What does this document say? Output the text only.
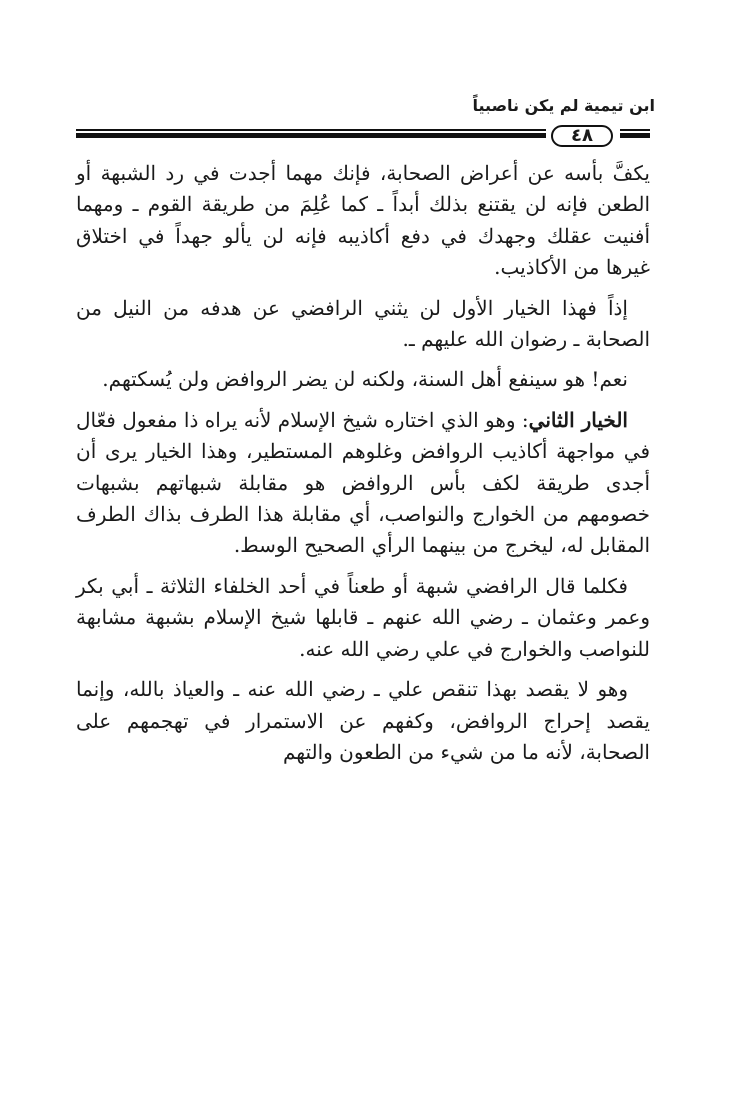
ابن تيمية لم يكن ناصبياً
٤٨

يكفَّ بأسه عن أعراض الصحابة، فإنك مهما أجدت في رد الشبهة أو الطعن فإنه لن يقتنع بذلك أبداً ـ كما عُلِمَ من طريقة القوم ـ ومهما أفنيت عقلك وجهدك في دفع أكاذيبه فإنه لن يألو جهداً في اختلاق غيرها من الأكاذيب.

إذاً فهذا الخيار الأول لن يثني الرافضي عن هدفه من النيل من الصحابة ـ رضوان الله عليهم ـ.

نعم! هو سينفع أهل السنة، ولكنه لن يضر الروافض ولن يُسكتهم.

الخيار الثاني: وهو الذي اختاره شيخ الإسلام لأنه يراه ذا مفعول فعّال في مواجهة أكاذيب الروافض وغلوهم المستطير، وهذا الخيار يرى أن أجدى طريقة لكف بأس الروافض هو مقابلة شبهاتهم بشبهات خصومهم من الخوارج والنواصب، أي مقابلة هذا الطرف بذاك الطرف المقابل له، ليخرج من بينهما الرأي الصحيح الوسط.

فكلما قال الرافضي شبهة أو طعناً في أحد الخلفاء الثلاثة ـ أبي بكر وعمر وعثمان ـ رضي الله عنهم ـ قابلها شيخ الإسلام بشبهة مشابهة للنواصب والخوارج في علي رضي الله عنه.

وهو لا يقصد بهذا تنقص علي ـ رضي الله عنه ـ والعياذ بالله، وإنما يقصد إحراج الروافض، وكفهم عن الاستمرار في تهجمهم على الصحابة، لأنه ما من شيء من الطعون والتهم
